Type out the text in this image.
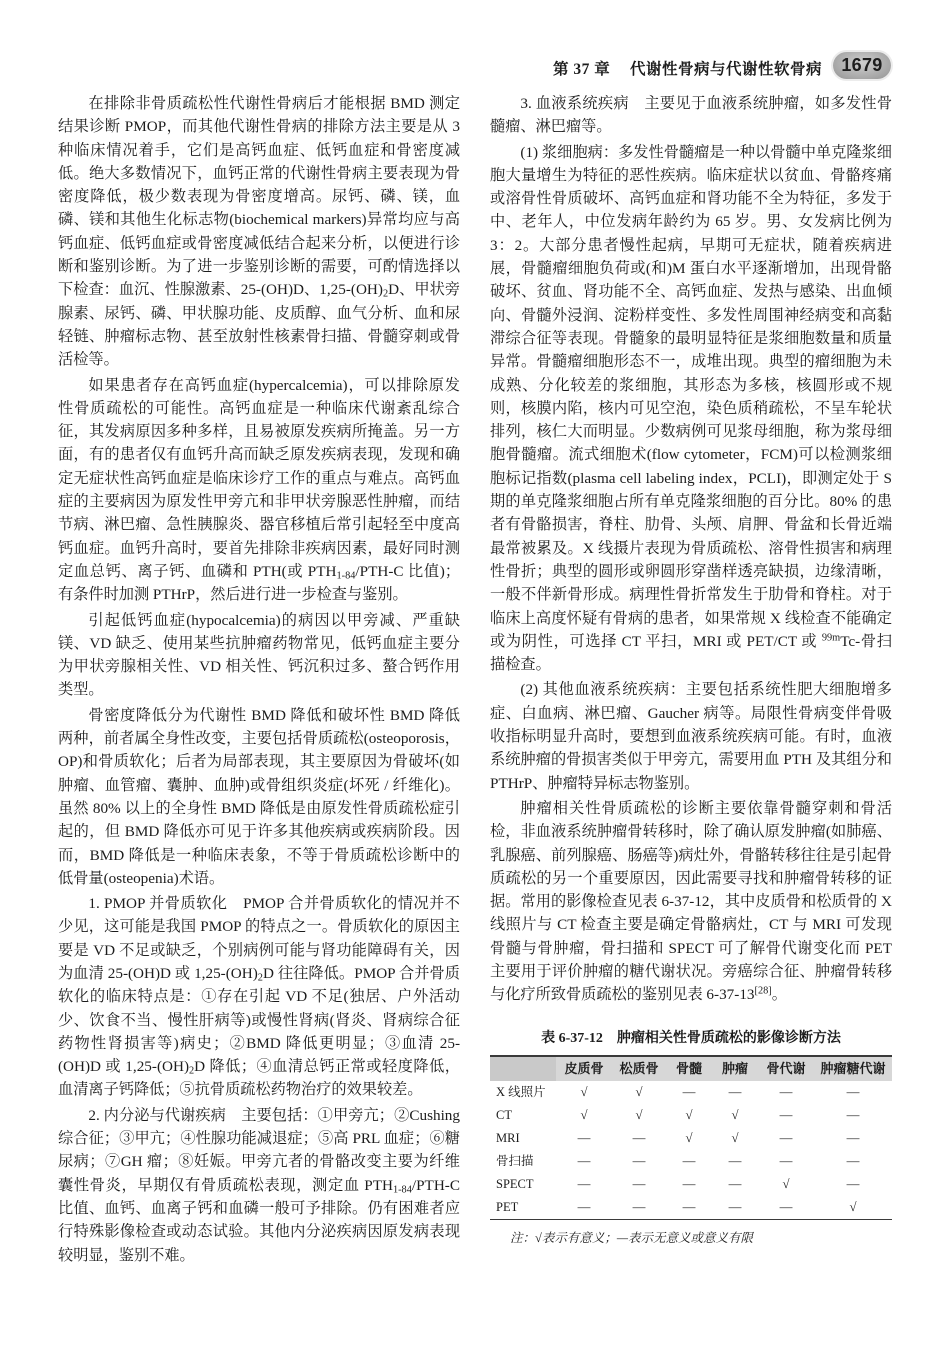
第 37 章 代谢性骨病与代谢性软骨病	1679

在排除非骨质疏松性代谢性骨病后才能根据 BMD 测定结果诊断 PMOP，而其他代谢性骨病的排除方法主要是从 3 种临床情况着手，它们是高钙血症、低钙血症和骨密度减低。绝大多数情况下，血钙正常的代谢性骨病主要表现为骨密度降低，极少数表现为骨密度增高。尿钙、磷、镁，血磷、镁和其他生化标志物(biochemical markers)异常均应与高钙血症、低钙血症或骨密度减低结合起来分析，以便进行诊断和鉴别诊断。为了进一步鉴别诊断的需要，可酌情选择以下检查：血沉、性腺激素、25-(OH)D、$1,25-(OH)_2D$、甲状旁腺素、尿钙、磷、甲状腺功能、皮质醇、血气分析、血和尿轻链、肿瘤标志物、甚至放射性核素骨扫描、骨髓穿刺或骨活检等。

如果患者存在高钙血症(hypercalcemia)，可以排除原发性骨质疏松的可能性。高钙血症是一种临床代谢紊乱综合征，其发病原因多种多样，且易被原发疾病所掩盖。另一方面，有的患者仅有血钙升高而缺乏原发疾病表现，发现和确定无症状性高钙血症是临床诊疗工作的重点与难点。高钙血症的主要病因为原发性甲旁亢和非甲状旁腺恶性肿瘤，而结节病、淋巴瘤、急性胰腺炎、器官移植后常引起轻至中度高钙血症。血钙升高时，要首先排除非疾病因素，最好同时测定血总钙、离子钙、血磷和 PTH(或 $PTH_{1-84}/PTH-C$ 比值)；有条件时加测 PTHrP，然后进行进一步检查与鉴别。

引起低钙血症(hypocalcemia)的病因以甲旁减、严重缺镁、VD 缺乏、使用某些抗肿瘤药物常见，低钙血症主要分为甲状旁腺相关性、VD 相关性、钙沉积过多、螯合钙作用类型。

骨密度降低分为代谢性 BMD 降低和破坏性 BMD 降低两种，前者属全身性改变，主要包括骨质疏松(osteoporosis，OP)和骨质软化；后者为局部表现，其主要原因为骨破坏(如肿瘤、血管瘤、囊肿、血肿)或骨组织炎症(坏死 / 纤维化)。虽然 80% 以上的全身性 BMD 降低是由原发性骨质疏松症引起的，但 BMD 降低亦可见于许多其他疾病或疾病阶段。因而，BMD 降低是一种临床表象，不等于骨质疏松诊断中的低骨量(osteopenia)术语。

1. PMOP 并骨质软化　PMOP 合并骨质软化的情况并不少见，这可能是我国 PMOP 的特点之一。骨质软化的原因主要是 VD 不足或缺乏，个别病例可能与肾功能障碍有关，因为血清 25-(OH)D 或 $1,25-(OH)_2D$ 往往降低。PMOP 合并骨质软化的临床特点是：①存在引起 VD 不足(独居、户外活动少、饮食不当、慢性肝病等)或慢性肾病(肾炎、肾病综合征药物性肾损害等)病史；②BMD 降低更明显；③血清 25-(OH)D 或 $1,25-(OH)_2D$ 降低；④血清总钙正常或轻度降低，血清离子钙降低；⑤抗骨质疏松药物治疗的效果较差。

2. 内分泌与代谢疾病　主要包括：①甲旁亢；②Cushing 综合征；③甲亢；④性腺功能减退症；⑤高 PRL 血症；⑥糖尿病；⑦GH 瘤；⑧妊娠。甲旁亢者的骨骼改变主要为纤维囊性骨炎，早期仅有骨质疏松表现，测定血 $PTH_{1-84}/PTH-C$ 比值、血钙、血离子钙和血磷一般可予排除。仍有困难者应行特殊影像检查或动态试验。其他内分泌疾病因原发病表现较明显，鉴别不难。

3. 血液系统疾病　主要见于血液系统肿瘤，如多发性骨髓瘤、淋巴瘤等。

(1) 浆细胞病：多发性骨髓瘤是一种以骨髓中单克隆浆细胞大量增生为特征的恶性疾病。临床症状以贫血、骨骼疼痛或溶骨性骨质破坏、高钙血症和肾功能不全为特征，多发于中、老年人，中位发病年龄约为 65 岁。男、女发病比例为 3：2。大部分患者慢性起病，早期可无症状，随着疾病进展，骨髓瘤细胞负荷或(和)M 蛋白水平逐渐增加，出现骨骼破坏、贫血、肾功能不全、高钙血症、发热与感染、出血倾向、骨髓外浸润、淀粉样变性、多发性周围神经病变和高黏滞综合征等表现。骨髓象的最明显特征是浆细胞数量和质量异常。骨髓瘤细胞形态不一，成堆出现。典型的瘤细胞为未成熟、分化较差的浆细胞，其形态为多核，核圆形或不规则，核膜内陷，核内可见空泡，染色质稍疏松，不呈车轮状排列，核仁大而明显。少数病例可见浆母细胞，称为浆母细胞骨髓瘤。流式细胞术(flow cytometer，FCM)可以检测浆细胞标记指数(plasma cell labeling index，PCLI)，即测定处于 S 期的单克隆浆细胞占所有单克隆浆细胞的百分比。80% 的患者有骨骼损害，脊柱、肋骨、头颅、肩胛、骨盆和长骨近端最常被累及。X 线摄片表现为骨质疏松、溶骨性损害和病理性骨折；典型的圆形或卵圆形穿凿样透亮缺损，边缘清晰，一般不伴新骨形成。病理性骨折常发生于肋骨和脊柱。对于临床上高度怀疑有骨病的患者，如果常规 X 线检查不能确定或为阴性，可选择 CT 平扫，MRI 或 PET/CT 或 $^{99m}$Tc-骨扫描检查。

(2) 其他血液系统疾病：主要包括系统性肥大细胞增多症、白血病、淋巴瘤、Gaucher 病等。局限性骨病变伴骨吸收指标明显升高时，要想到血液系统疾病可能。有时，血液系统肿瘤的骨损害类似于甲旁亢，需要用血 PTH 及其组分和 PTHrP、肿瘤特异标志物鉴别。

肿瘤相关性骨质疏松的诊断主要依靠骨髓穿刺和骨活检，非血液系统肿瘤骨转移时，除了确认原发肿瘤(如肺癌、乳腺癌、前列腺癌、肠癌等)病灶外，骨骼转移往往是引起骨质疏松的另一个重要原因，因此需要寻找和肿瘤骨转移的证据。常用的影像检查见表 6-37-12，其中皮质骨和松质骨的 X 线照片与 CT 检查主要是确定骨骼病灶，CT 与 MRI 可发现骨髓与骨肿瘤，骨扫描和 SPECT 可了解骨代谢变化而 PET 主要用于评价肿瘤的糖代谢状况。旁癌综合征、肿瘤骨转移与化疗所致骨质疏松的鉴别见表 6-37-13[28]。

表 6-37-12 肿瘤相关性骨质疏松的影像诊断方法
	皮质骨	松质骨	骨髓	肿瘤	骨代谢	肿瘤糖代谢
X 线照片	√	√	—	—	—	—
CT	√	√	√	√	—	—
MRI	—	—	√	√	—	—
骨扫描	—	—	—	—	—	—
SPECT	—	—	—	—	√	—
PET	—	—	—	—	—	√
注：√表示有意义；—表示无意义或意义有限
